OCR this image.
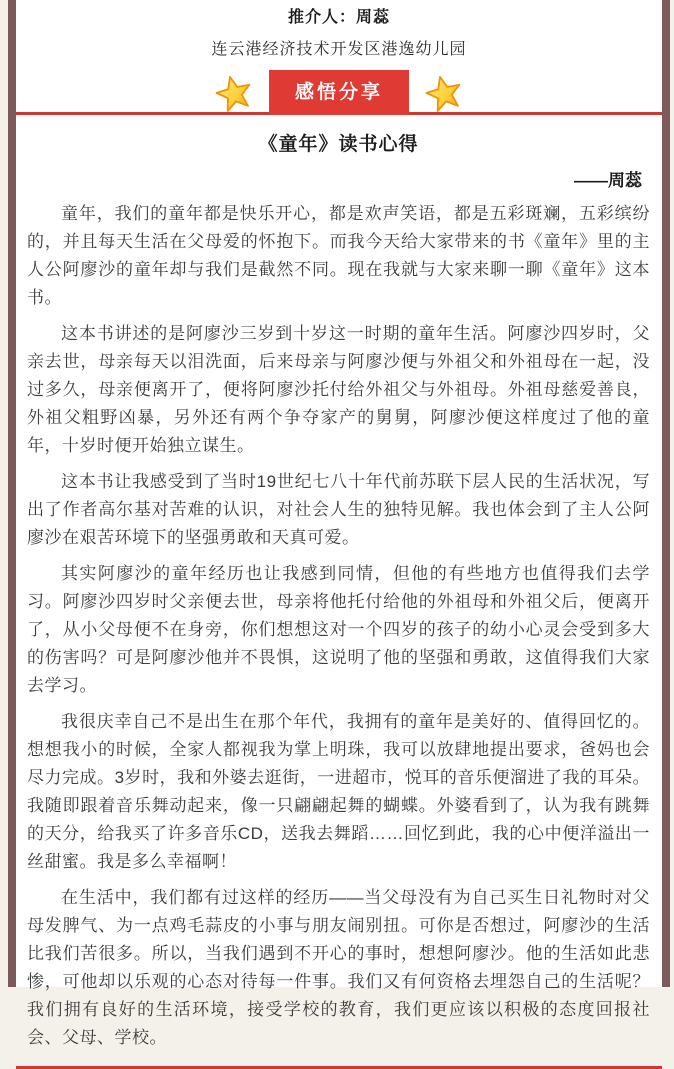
推介人：周蕊
连云港经济技术开发区港逸幼儿园
感悟分享
《童年》读书心得
——周蕊

童年，我们的童年都是快乐开心，都是欢声笑语，都是五彩斑斓，五彩缤纷的，并且每天生活在父母爱的怀抱下。而我今天给大家带来的书《童年》里的主人公阿廖沙的童年却与我们是截然不同。现在我就与大家来聊一聊《童年》这本书。

这本书讲述的是阿廖沙三岁到十岁这一时期的童年生活。阿廖沙四岁时，父亲去世，母亲每天以泪洗面，后来母亲与阿廖沙便与外祖父和外祖母在一起，没过多久，母亲便离开了，便将阿廖沙托付给外祖父与外祖母。外祖母慈爱善良，外祖父粗野凶暴，另外还有两个争夺家产的舅舅，阿廖沙便这样度过了他的童年，十岁时便开始独立谋生。

这本书让我感受到了当时19世纪七八十年代前苏联下层人民的生活状况，写出了作者高尔基对苦难的认识，对社会人生的独特见解。我也体会到了主人公阿廖沙在艰苦环境下的坚强勇敢和天真可爱。

其实阿廖沙的童年经历也让我感到同情，但他的有些地方也值得我们去学习。阿廖沙四岁时父亲便去世，母亲将他托付给他的外祖母和外祖父后，便离开了，从小父母便不在身旁，你们想想这对一个四岁的孩子的幼小心灵会受到多大的伤害吗？可是阿廖沙他并不畏惧，这说明了他的坚强和勇敢，这值得我们大家去学习。

我很庆幸自己不是出生在那个年代，我拥有的童年是美好的、值得回忆的。想想我小的时候，全家人都视我为掌上明珠，我可以放肆地提出要求，爸妈也会尽力完成。3岁时，我和外婆去逛街，一进超市，悦耳的音乐便溜进了我的耳朵。我随即跟着音乐舞动起来，像一只翩翩起舞的蝴蝶。外婆看到了，认为我有跳舞的天分，给我买了许多音乐CD，送我去舞蹈……回忆到此，我的心中便洋溢出一丝甜蜜。我是多么幸福啊！

在生活中，我们都有过这样的经历——当父母没有为自己买生日礼物时对父母发脾气、为一点鸡毛蒜皮的小事与朋友闹别扭。可你是否想过，阿廖沙的生活比我们苦很多。所以，当我们遇到不开心的事时，想想阿廖沙。他的生活如此悲惨，可他却以乐观的心态对待每一件事。我们又有何资格去埋怨自己的生活呢？我们拥有良好的生活环境，接受学校的教育，我们更应该以积极的态度回报社会、父母、学校。
